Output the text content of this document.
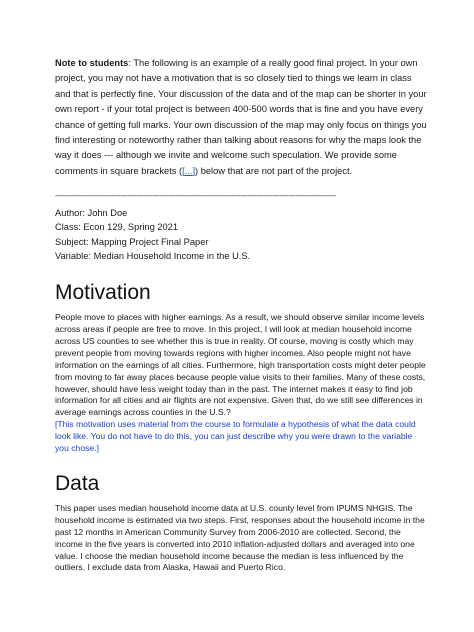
Note to students: The following is an example of a really good final project. In your own project, you may not have a motivation that is so closely tied to things we learn in class and that is perfectly fine. Your discussion of the data and of the map can be shorter in your own report - if your total project is between 400-500 words that is fine and you have every chance of getting full marks. Your own discussion of the map may only focus on things you find interesting or noteworthy rather than talking about reasons for why the maps look the way it does --- although we invite and welcome such speculation. We provide some comments in square brackets ([...]) below that are not part of the project.

----------------------------------------------------------------------------------------------------------------------------
Author: John Doe
Class: Econ 129, Spring 2021
Subject: Mapping Project Final Paper
Variable: Median Household Income in the U.S.
Motivation

People move to places with higher earnings. As a result, we should observe similar income levels across areas if people are free to move. In this project, I will look at median household income across US counties to see whether this is true in reality. Of course, moving is costly which may prevent people from moving towards regions with higher incomes. Also people might not have information on the earnings of all cities. Furthermore, high transportation costs might deter people from moving to far away places because people value visits to their families. Many of these costs, however, should have less weight today than in the past. The internet makes it easy to find job information for all cities and air flights are not expensive. Given that, do we still see differences in average earnings across counties in the U.S.?
[This motivation uses material from the course to formulate a hypothesis of what the data could look like. You do not have to do this, you can just describe why you were drawn to the variable you chose.]

Data

This paper uses median household income data at U.S. county level from IPUMS NHGIS. The household income is estimated via two steps. First, responses about the household income in the past 12 months in American Community Survey from 2006-2010 are collected. Second, the income in the five years is converted into 2010 inflation-adjusted dollars and averaged into one value. I choose the median household income because the median is less influenced by the outliers. I exclude data from Alaska, Hawaii and Puerto Rico.
